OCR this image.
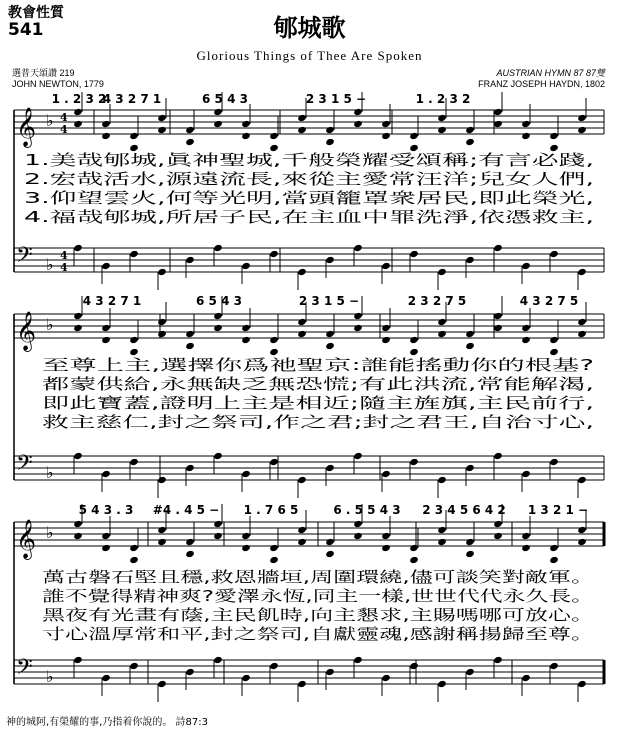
教會性質
541	郇城歌
Glorious Things of Thee Are Spoken
選普天頌讚 219
JOHN NEWTON, 1779
AUSTRIAN HYMN 87 87雙
FRANZ JOSEPH HAYDN, 1802
𝄞 ♭
𝄢 ♭
4
4
4
4
1 . 2 3 2
4 3 2 7 1	6 5 4 3	2 3 1 5 −	1 . 2 3 2
1.美哉郇城,眞神聖城,千般榮耀受頌稱;有言必踐,
2.宏哉活水,源遠流長,來從主愛常汪洋;兒女人們,
3.仰望雲火,何等光明,當頭籠罩衆居民,即此榮光,
4.福哉郇城,所居子民,在主血中罪洗淨,依憑救主,
𝄞 ♭
𝄢 ♭
4 3 2 7 1	6 5 4 3	2 3 1 5 −	2 3 2 7 5	4 3 2 7 5
至尊上主,選擇你爲祂聖京:誰能搖動你的根基?
都蒙供給,永無缺乏無恐慌;有此洪流,常能解渴,
即此寶蓋,證明上主是相近;隨主旌旗,主民前行,
救主慈仁,封之祭司,作之君;封之君王,自治寸心,
𝄞 ♭
𝄢 ♭
5 4 3 . 3 #4 . 4 5 − 1 . 7 6 5	6 . 5 5 4 3 2 3 4 5 6 4 2 1 3 2 1 −
萬古磐石堅且穩,救恩牆垣,周圍環繞,儘可談笑對敵軍。
誰不覺得精神爽?愛澤永恆,同主一樣,世世代代永久長。
黑夜有光畫有蔭,主民飢時,向主懇求,主賜嗎哪可放心。
寸心溫厚常和平,封之祭司,自獻靈魂,感謝稱揚歸至尊。
神的城阿,有榮耀的事,乃指着你說的。 詩87:3
